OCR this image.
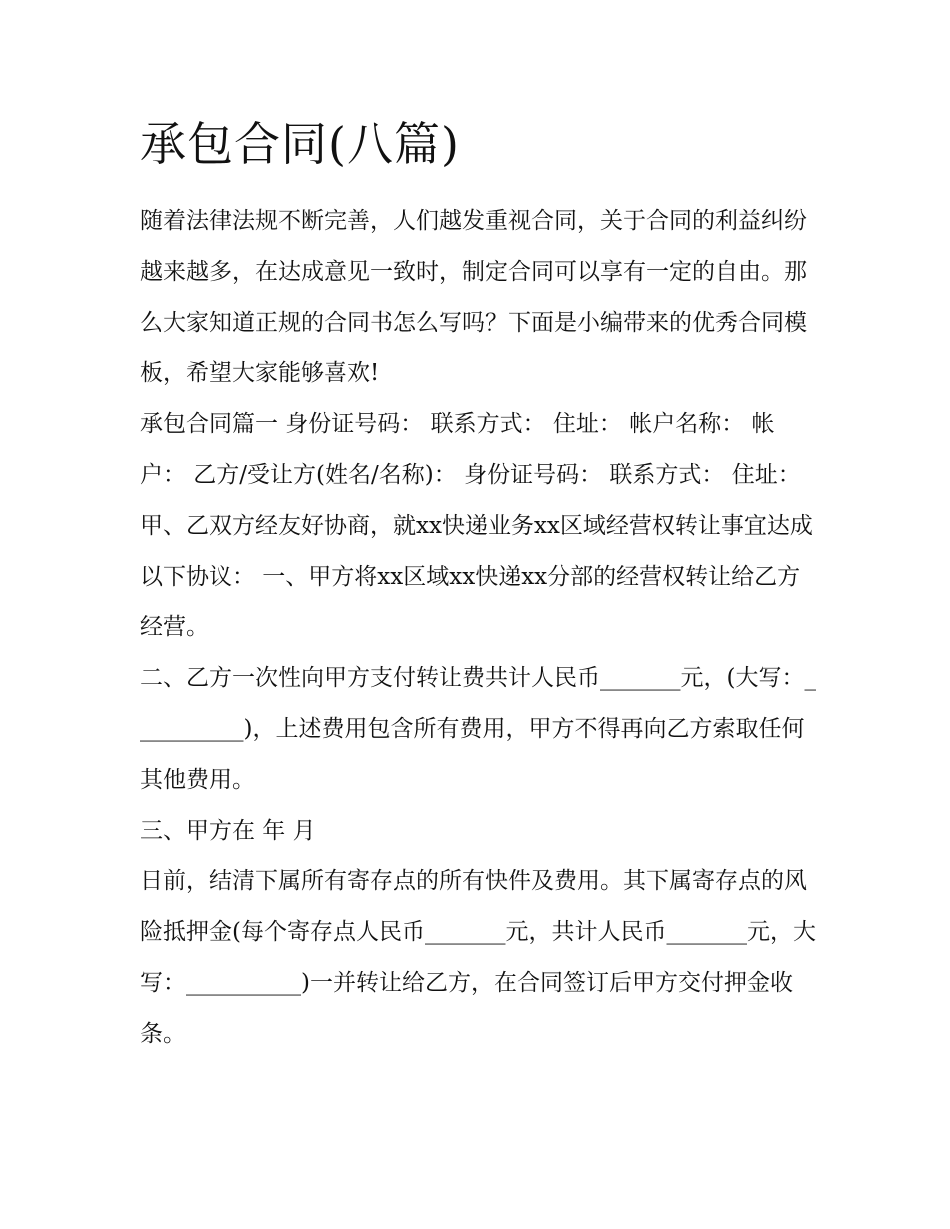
承包合同(八篇)

随着法律法规不断完善，人们越发重视合同，关于合同的利益纠纷越来越多，在达成意见一致时，制定合同可以享有一定的自由。那么大家知道正规的合同书怎么写吗？下面是小编带来的优秀合同模板，希望大家能够喜欢!

承包合同篇一 身份证号码： 联系方式： 住址： 帐户名称： 帐户： 乙方/受让方(姓名/名称)： 身份证号码： 联系方式： 住址：

甲、乙双方经友好协商，就xx快递业务xx区域经营权转让事宜达成以下协议： 一、甲方将xx区域xx快递xx分部的经营权转让给乙方经营。

二、乙方一次性向甲方支付转让费共计人民币_______元，(大写：__________)，上述费用包含所有费用，甲方不得再向乙方索取任何其他费用。

三、甲方在 年 月

日前，结清下属所有寄存点的所有快件及费用。其下属寄存点的风险抵押金(每个寄存点人民币_______元，共计人民币_______元，大写：__________)一并转让给乙方，在合同签订后甲方交付押金收条。
